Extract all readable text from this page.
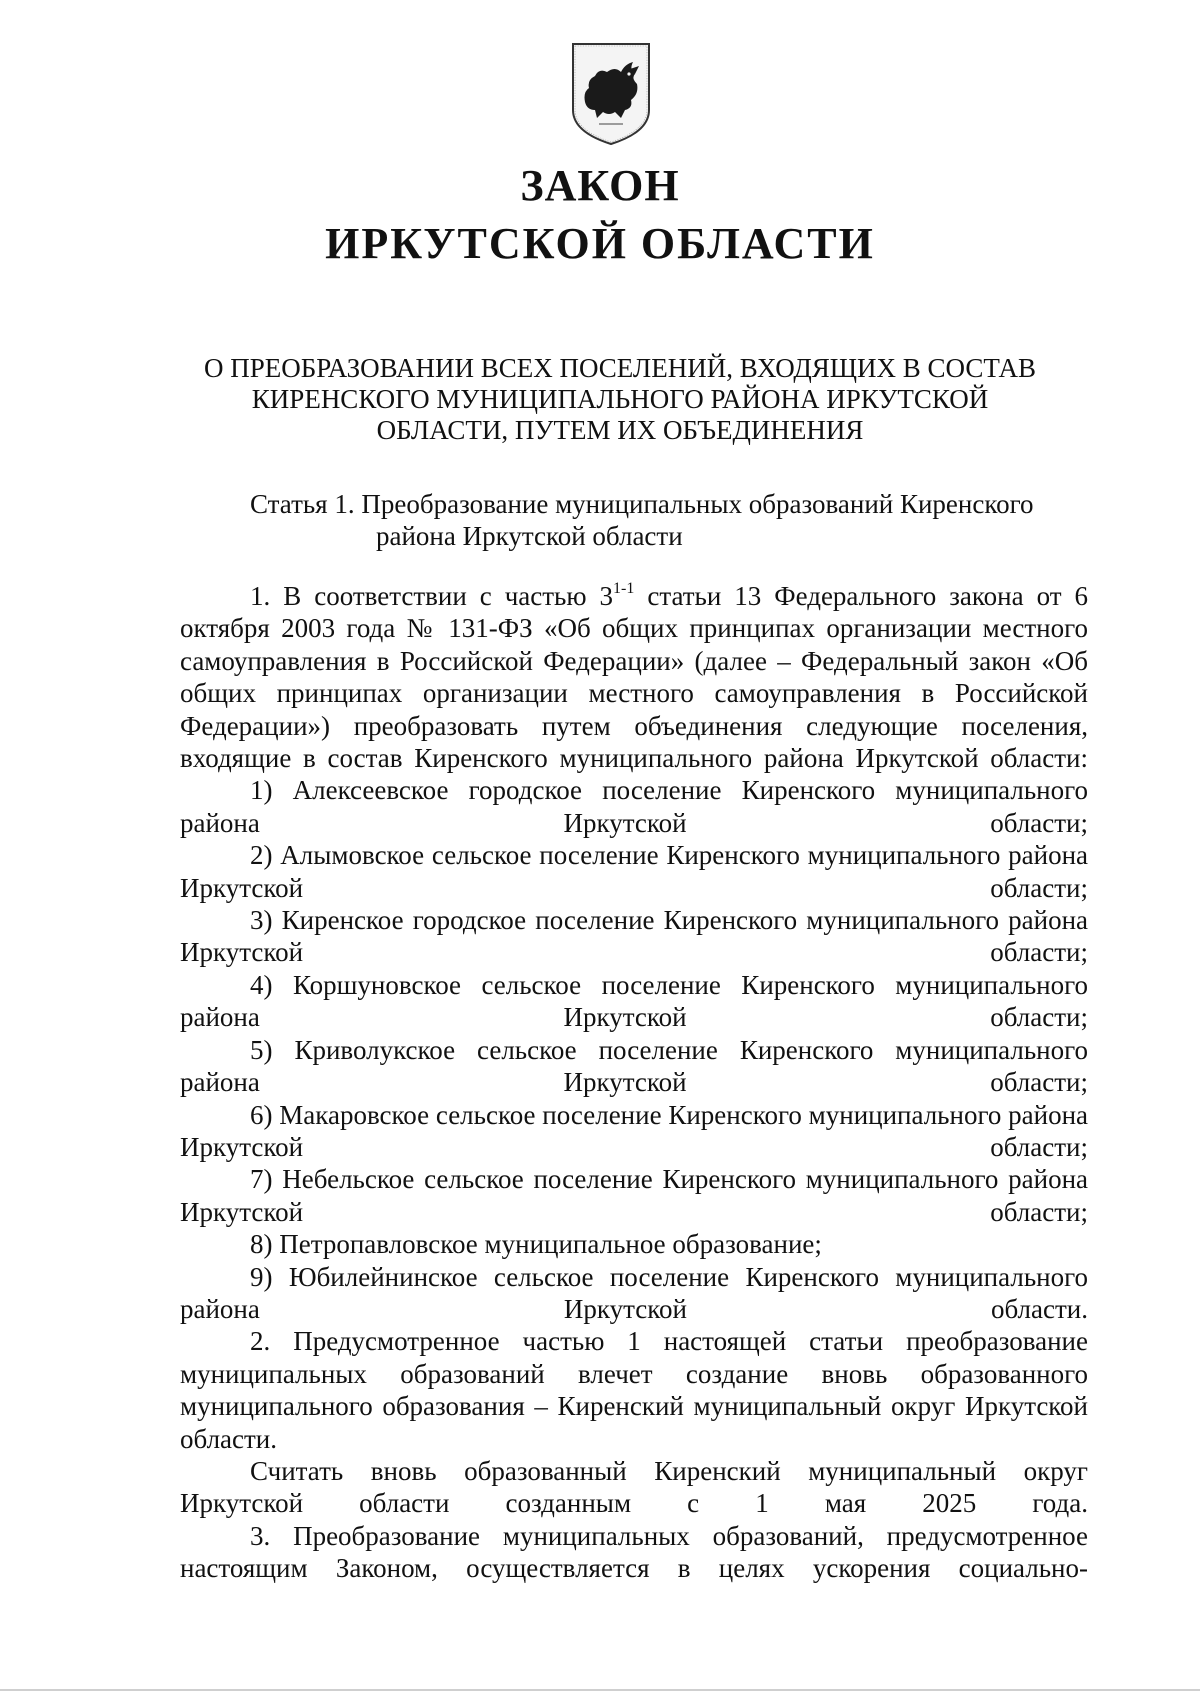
ЗАКОН
ИРКУТСКОЙ ОБЛАСТИ
О ПРЕОБРАЗОВАНИИ ВСЕХ ПОСЕЛЕНИЙ, ВХОДЯЩИХ В СОСТАВ
КИРЕНСКОГО МУНИЦИПАЛЬНОГО РАЙОНА ИРКУТСКОЙ
ОБЛАСТИ, ПУТЕМ ИХ ОБЪЕДИНЕНИЯ
Статья 1. Преобразование муниципальных образований Киренского
района Иркутской области

1. В соответствии с частью 3$^{1-1}$ статьи 13 Федерального закона от 6 октября 2003 года № 131-ФЗ «Об общих принципах организации местного самоуправления в Российской Федерации» (далее – Федеральный закон «Об общих принципах организации местного самоуправления в Российской Федерации») преобразовать путем объединения следующие поселения, входящие в состав Киренского муниципального района Иркутской области:

1) Алексеевское городское поселение Киренского муниципального района Иркутской области;

2) Алымовское сельское поселение Киренского муниципального района Иркутской области;

3) Киренское городское поселение Киренского муниципального района Иркутской области;

4) Коршуновское сельское поселение Киренского муниципального района Иркутской области;

5) Криволукское сельское поселение Киренского муниципального района Иркутской области;

6) Макаровское сельское поселение Киренского муниципального района Иркутской области;

7) Небельское сельское поселение Киренского муниципального района Иркутской области;

8) Петропавловское муниципальное образование;

9) Юбилейнинское сельское поселение Киренского муниципального района Иркутской области.

2. Предусмотренное частью 1 настоящей статьи преобразование муниципальных образований влечет создание вновь образованного муниципального образования – Киренский муниципальный округ Иркутской области.

Считать вновь образованный Киренский муниципальный округ Иркутской области созданным с 1 мая 2025 года.

3. Преобразование муниципальных образований, предусмотренное настоящим Законом, осуществляется в целях ускорения социально-
